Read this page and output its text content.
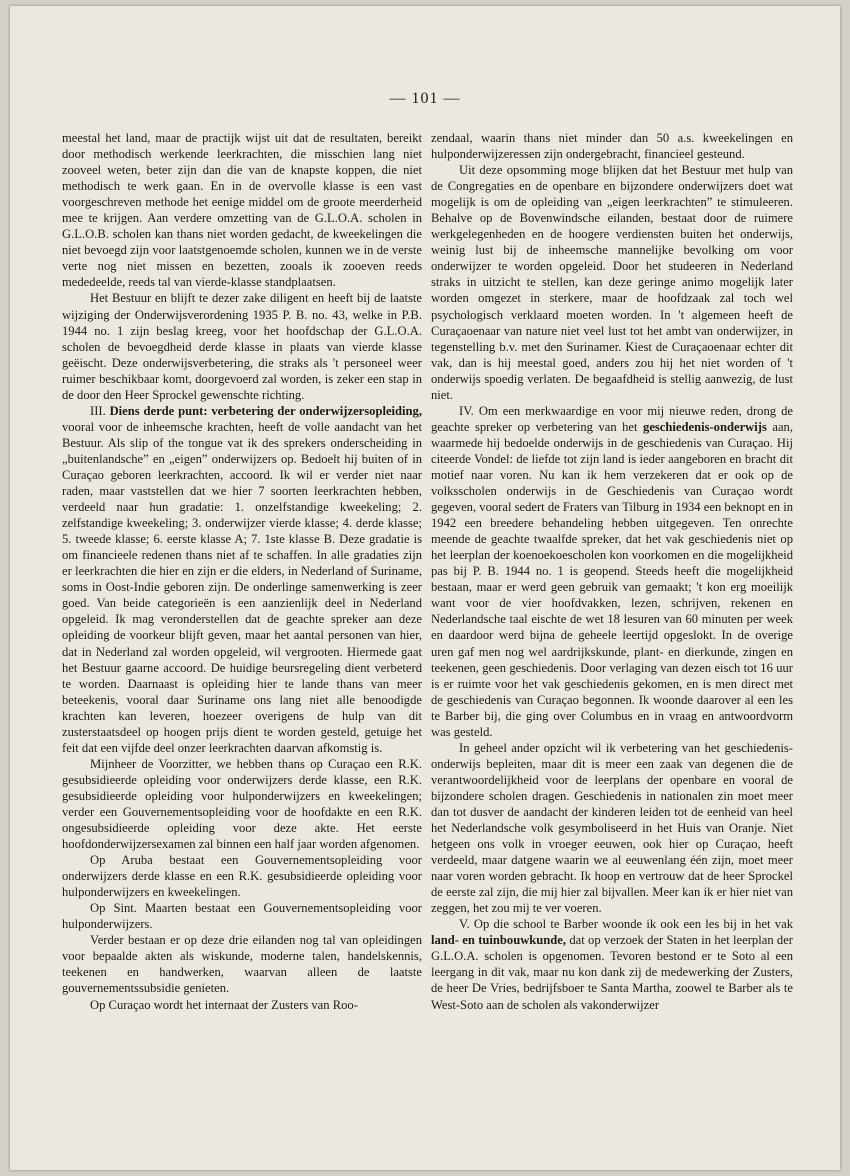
— 101 —

meestal het land, maar de practijk wijst uit dat de resultaten, bereikt door methodisch werkende leerkrachten, die misschien lang niet zooveel weten, beter zijn dan die van de knapste koppen, die niet methodisch te werk gaan. En in de overvolle klasse is een vast voorgeschreven methode het eenige middel om de groote meerderheid mee te krijgen. Aan verdere omzetting van de G.L.O.A. scholen in G.L.O.B. scholen kan thans niet worden gedacht, de kweekelingen die niet bevoegd zijn voor laatstgenoemde scholen, kunnen we in de verste verte nog niet missen en bezetten, zooals ik zooeven reeds mededeelde, reeds tal van vierde-klasse standplaatsen.

Het Bestuur en blijft te dezer zake diligent en heeft bij de laatste wijziging der Onderwijsverordening 1935 P. B. no. 43, welke in P.B. 1944 no. 1 zijn beslag kreeg, voor het hoofdschap der G.L.O.A. scholen de bevoegdheid derde klasse in plaats van vierde klasse geëischt. Deze onderwijsverbetering, die straks als 't personeel weer ruimer beschikbaar komt, doorgevoerd zal worden, is zeker een stap in de door den Heer Sprockel gewenschte richting.

III. Diens derde punt: verbetering der onderwijzersopleiding, vooral voor de inheemsche krachten, heeft de volle aandacht van het Bestuur. Als slip of the tongue vat ik des sprekers onderscheiding in „buitenlandsche” en „eigen” onderwijzers op. Bedoelt hij buiten of in Curaçao geboren leerkrachten, accoord. Ik wil er verder niet naar raden, maar vaststellen dat we hier 7 soorten leerkrachten hebben, verdeeld naar hun gradatie: 1. onzelfstandige kweekeling; 2. zelfstandige kweekeling; 3. onderwijzer vierde klasse; 4. derde klasse; 5. tweede klasse; 6. eerste klasse A; 7. 1ste klasse B. Deze gradatie is om financieele redenen thans niet af te schaffen. In alle gradaties zijn er leerkrachten die hier en zijn er die elders, in Nederland of Suriname, soms in Oost-Indie geboren zijn. De onderlinge samenwerking is zeer goed. Van beide categorieën is een aanzienlijk deel in Nederland opgeleid. Ik mag veronderstellen dat de geachte spreker aan deze opleiding de voorkeur blijft geven, maar het aantal personen van hier, dat in Nederland zal worden opgeleid, wil vergrooten. Hiermede gaat het Bestuur gaarne accoord. De huidige beursregeling dient verbeterd te worden. Daarnaast is opleiding hier te lande thans van meer beteekenis, vooral daar Suriname ons lang niet alle benoodigde krachten kan leveren, hoezeer overigens de hulp van dit zusterstaatsdeel op hoogen prijs dient te worden gesteld, getuige het feit dat een vijfde deel onzer leerkrachten daarvan afkomstig is.

Mijnheer de Voorzitter, we hebben thans op Curaçao een R.K. gesubsidieerde opleiding voor onderwijzers derde klasse, een R.K. gesubsidieerde opleiding voor hulponderwijzers en kweekelingen; verder een Gouvernementsopleiding voor de hoofdakte en een R.K. ongesubsidieerde opleiding voor deze akte. Het eerste hoofdonderwijzersexamen zal binnen een half jaar worden afgenomen.

Op Aruba bestaat een Gouvernementsopleiding voor onderwijzers derde klasse en een R.K. gesubsidieerde opleiding voor hulponderwijzers en kweekelingen.

Op Sint. Maarten bestaat een Gouvernementsopleiding voor hulponderwijzers.

Verder bestaan er op deze drie eilanden nog tal van opleidingen voor bepaalde akten als wiskunde, moderne talen, handelskennis, teekenen en handwerken, waarvan alleen de laatste gouvernementssubsidie genieten.

Op Curaçao wordt het internaat der Zusters van Roo-

zendaal, waarin thans niet minder dan 50 a.s. kweekelingen en hulponderwijzeressen zijn ondergebracht, financieel gesteund.

Uit deze opsomming moge blijken dat het Bestuur met hulp van de Congregaties en de openbare en bijzondere onderwijzers doet wat mogelijk is om de opleiding van „eigen leerkrachten” te stimuleeren. Behalve op de Bovenwindsche eilanden, bestaat door de ruimere werkgelegenheden en de hoogere verdiensten buiten het onderwijs, weinig lust bij de inheemsche mannelijke bevolking om voor onderwijzer te worden opgeleid. Door het studeeren in Nederland straks in uitzicht te stellen, kan deze geringe animo mogelijk later worden omgezet in sterkere, maar de hoofdzaak zal toch wel psychologisch verklaard moeten worden. In 't algemeen heeft de Curaçaoenaar van nature niet veel lust tot het ambt van onderwijzer, in tegenstelling b.v. met den Surinamer. Kiest de Curaçaoenaar echter dit vak, dan is hij meestal goed, anders zou hij het niet worden of 't onderwijs spoedig verlaten. De begaafdheid is stellig aanwezig, de lust niet.

IV. Om een merkwaardige en voor mij nieuwe reden, drong de geachte spreker op verbetering van het geschiedenis-onderwijs aan, waarmede hij bedoelde onderwijs in de geschiedenis van Curaçao. Hij citeerde Vondel: de liefde tot zijn land is ieder aangeboren en bracht dit motief naar voren. Nu kan ik hem verzekeren dat er ook op de volksscholen onderwijs in de Geschiedenis van Curaçao wordt gegeven, vooral sedert de Fraters van Tilburg in 1934 een beknopt en in 1942 een breedere behandeling hebben uitgegeven. Ten onrechte meende de geachte twaalfde spreker, dat het vak geschiedenis niet op het leerplan der koenoekoescholen kon voorkomen en die mogelijkheid pas bij P. B. 1944 no. 1 is geopend. Steeds heeft die mogelijkheid bestaan, maar er werd geen gebruik van gemaakt; 't kon erg moeilijk want voor de vier hoofdvakken, lezen, schrijven, rekenen en Nederlandsche taal eischte de wet 18 lesuren van 60 minuten per week en daardoor werd bijna de geheele leertijd opgeslokt. In de overige uren gaf men nog wel aardrijkskunde, plant- en dierkunde, zingen en teekenen, geen geschiedenis. Door verlaging van dezen eisch tot 16 uur is er ruimte voor het vak geschiedenis gekomen, en is men direct met de geschiedenis van Curaçao begonnen. Ik woonde daarover al een les te Barber bij, die ging over Columbus en in vraag en antwoordvorm was gesteld.

In geheel ander opzicht wil ik verbetering van het geschiedenis-onderwijs bepleiten, maar dit is meer een zaak van degenen die de verantwoordelijkheid voor de leerplans der openbare en vooral de bijzondere scholen dragen. Geschiedenis in nationalen zin moet meer dan tot dusver de aandacht der kinderen leiden tot de eenheid van heel het Nederlandsche volk gesymboliseerd in het Huis van Oranje. Niet hetgeen ons volk in vroeger eeuwen, ook hier op Curaçao, heeft verdeeld, maar datgene waarin we al eeuwenlang één zijn, moet meer naar voren worden gebracht. Ik hoop en vertrouw dat de heer Sprockel de eerste zal zijn, die mij hier zal bijvallen. Meer kan ik er hier niet van zeggen, het zou mij te ver voeren.

V. Op die school te Barber woonde ik ook een les bij in het vak land- en tuinbouwkunde, dat op verzoek der Staten in het leerplan der G.L.O.A. scholen is opgenomen. Tevoren bestond er te Soto al een leergang in dit vak, maar nu kon dank zij de medewerking der Zusters, de heer De Vries, bedrijfsboer te Santa Martha, zoowel te Barber als te West-Soto aan de scholen als vakonderwijzer
